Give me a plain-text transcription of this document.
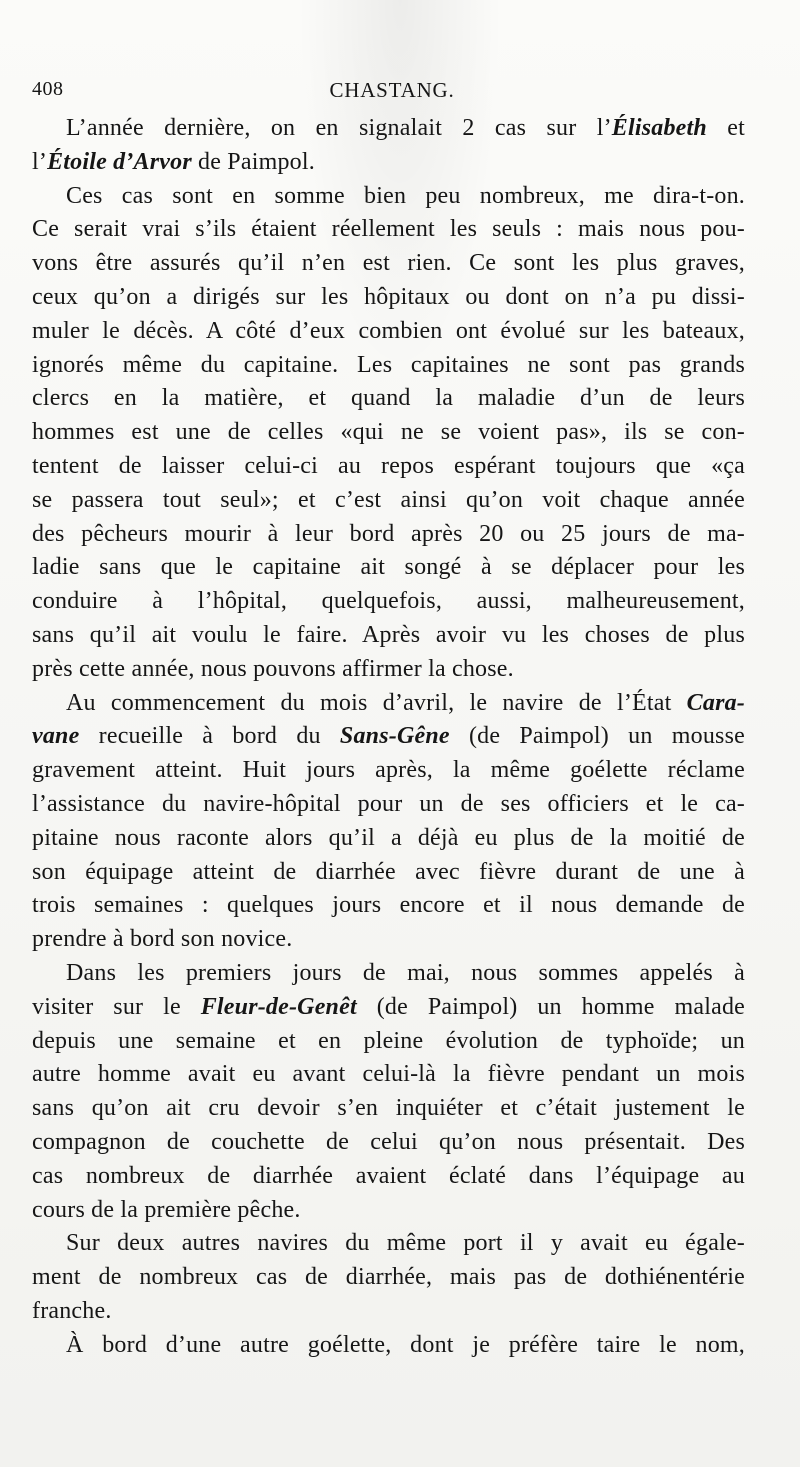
408	CHASTANG.
L’année dernière, on en signalait 2 cas sur l’ Élisabeth et
l’ Étoile d’Arvor de Paimpol.
Ces cas sont en somme bien peu nombreux, me dira-t-on.
Ce serait vrai s’ils étaient réellement les seuls : mais nous pou-
vons être assurés qu’il n’en est rien. Ce sont les plus graves,
ceux qu’on a dirigés sur les hôpitaux ou dont on n’a pu dissi-
muler le décès. A côté d’eux combien ont évolué sur les bateaux,
ignorés même du capitaine. Les capitaines ne sont pas grands
clercs en la matière, et quand la maladie d’un de leurs
hommes est une de celles «qui ne se voient pas», ils se con-
tentent de laisser celui-ci au repos espérant toujours que «ça
se passera tout seul»; et c’est ainsi qu’on voit chaque année
des pêcheurs mourir à leur bord après 20 ou 25 jours de ma-
ladie sans que le capitaine ait songé à se déplacer pour les
conduire à l’hôpital, quelquefois, aussi, malheureusement,
sans qu’il ait voulu le faire. Après avoir vu les choses de plus
près cette année, nous pouvons affirmer la chose.
Au commencement du mois d’avril, le navire de l’État Cara-
vane recueille à bord du Sans-Gêne (de Paimpol) un mousse
gravement atteint. Huit jours après, la même goélette réclame
l’assistance du navire-hôpital pour un de ses officiers et le ca-
pitaine nous raconte alors qu’il a déjà eu plus de la moitié de
son équipage atteint de diarrhée avec fièvre durant de une à
trois semaines : quelques jours encore et il nous demande de
prendre à bord son novice.
Dans les premiers jours de mai, nous sommes appelés à
visiter sur le Fleur-de-Genêt (de Paimpol) un homme malade
depuis une semaine et en pleine évolution de typhoïde; un
autre homme avait eu avant celui-là la fièvre pendant un mois
sans qu’on ait cru devoir s’en inquiéter et c’était justement le
compagnon de couchette de celui qu’on nous présentait. Des
cas nombreux de diarrhée avaient éclaté dans l’équipage au
cours de la première pêche.
Sur deux autres navires du même port il y avait eu égale-
ment de nombreux cas de diarrhée, mais pas de dothiénentérie
franche.
À bord d’une autre goélette, dont je préfère taire le nom,
